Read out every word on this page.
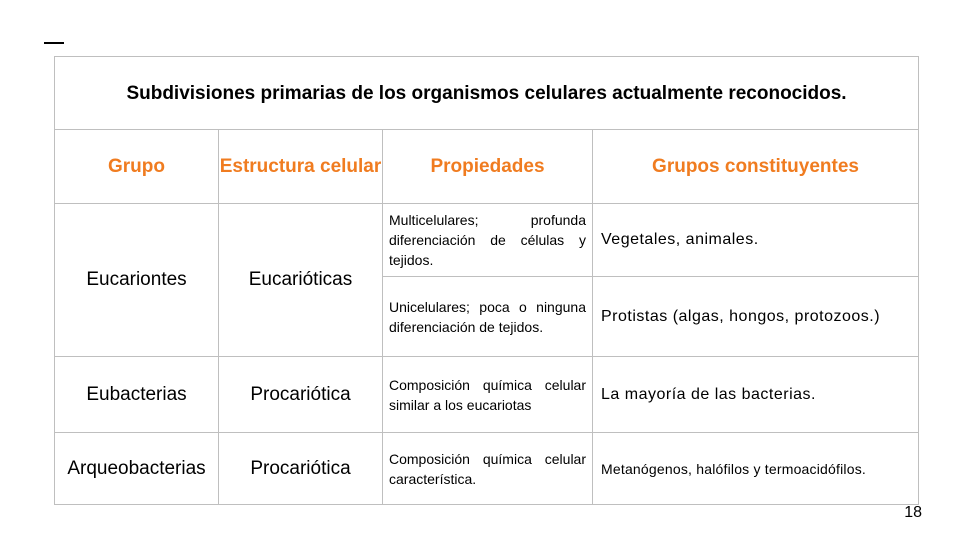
Subdivisiones primarias de los organismos celulares actualmente reconocidos.			
Grupo	Estructura celular	Propiedades	Grupos constituyentes
Eucariontes	Eucarióticas	Multicelulares; profunda diferenciación de células y tejidos.	Vegetales, animales.
		Unicelulares; poca o ninguna diferenciación de tejidos.	Protistas (algas, hongos, protozoos.)
Eubacterias	Procariótica	Composición química celular similar a los eucariotas	La mayoría de las bacterias.
Arqueobacterias	Procariótica	Composición química celular característica.	Metanógenos, halófilos y termoacidófilos.
18
